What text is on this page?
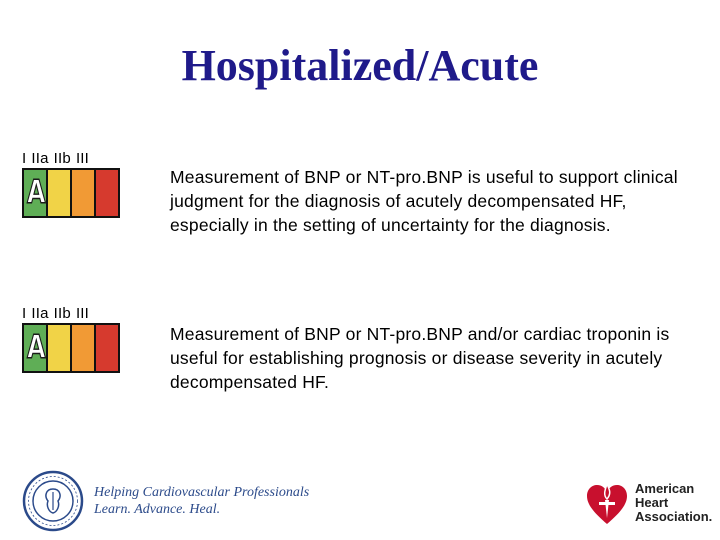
Hospitalized/Acute
I IIa IIb III
A	Measurement of BNP or NT-pro.BNP is useful to support clinical judgment for the diagnosis of acutely decompensated HF, especially in the setting of uncertainty for the diagnosis.
I IIa IIb III
A	Measurement of BNP or NT-pro.BNP and/or cardiac troponin is useful for establishing prognosis or disease severity in acutely decompensated HF.
Helping Cardiovascular Professionals
Learn. Advance. Heal.
American
Heart
Association.
